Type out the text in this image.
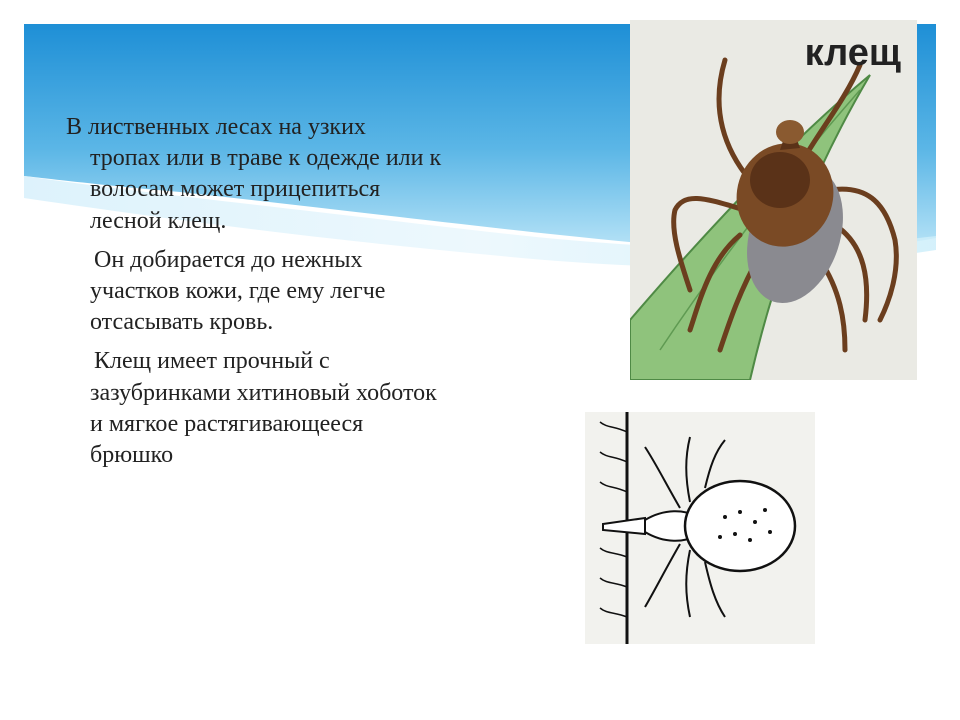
В лиственных лесах на узких
тропах или в траве к одежде или к
волосам может прицепиться
лесной клещ.

Он добирается до нежных
участков кожи, где ему легче
отсасывать кровь.

Клещ имеет прочный с
зазубринками хитиновый хоботок
и мягкое растягивающееся
брюшко

клещ
